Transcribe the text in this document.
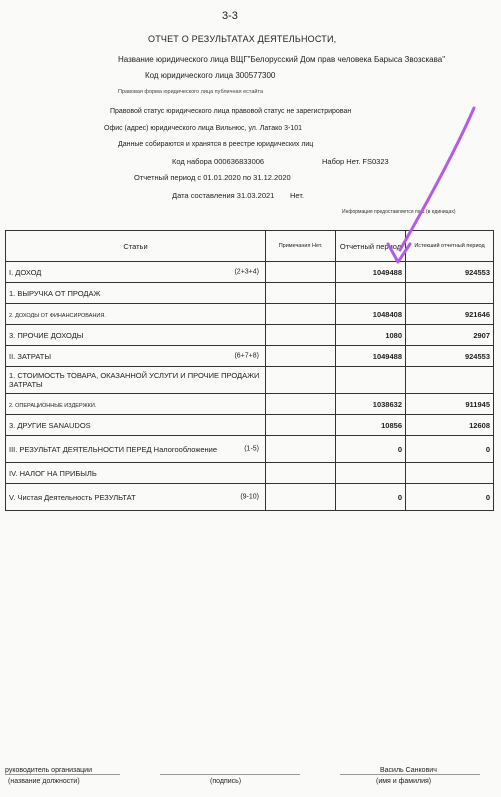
3-3
ОТЧЕТ О РЕЗУЛЬТАТАХ ДЕЯТЕЛЬНОСТИ,
Название юридического лица ВЩГ"Белорусский Дом прав человека Барыса Звозскава"
Код юридического лица 300577300
Правовая форма юридического лица публичная естайта
Правовой статус юридического лица правовой статус не зарегистрирован
Офис (адрес) юридического лица Вильнюс, ул. Латако 3-101
Данные собираются и хранятся в реестре юридических лиц
Код набора 000636833006	Набор Нет. FS0323
Отчетный период с 01.01.2020 по 31.12.2020
Дата составления 31.03.2021 Нет.
Информация предоставляется па 1 (в единицах)
Статьи	Примечания Нет.	Отчетный период	Истекший отчетный период
I. ДОХОД (2+3+4)		1049488	924553
1. ВЫРУЧКА ОТ ПРОДАЖ			
2. ДОХОДЫ ОТ ФИНАНСИРОВАНИЯ.		1048408	921646
3. ПРОЧИЕ ДОХОДЫ		1080	2907
II. ЗАТРАТЫ (6+7+8)		1049488	924553
1. СТОИМОСТЬ ТОВАРА, ОКАЗАННОЙ УСЛУГИ И ПРОЧИЕ ПРОДАЖИ ЗАТРАТЫ			
2. ОПЕРАЦИОННЫЕ ИЗДЕРЖКИ.		1038632	911945
3. ДРУГИЕ SANAUDOS		10856	12608
III. РЕЗУЛЬТАТ ДЕЯТЕЛЬНОСТИ ПЕРЕД Налогообложение (1-5)		0	0
IV. НАЛОГ НА ПРИБЫЛЬ			
V. Чистая Деятельность РЕЗУЛЬТАТ (9-10)		0	0
руководитель организации
(название должности)	(подпись)
Василь Санкович
(имя и фамилия)
